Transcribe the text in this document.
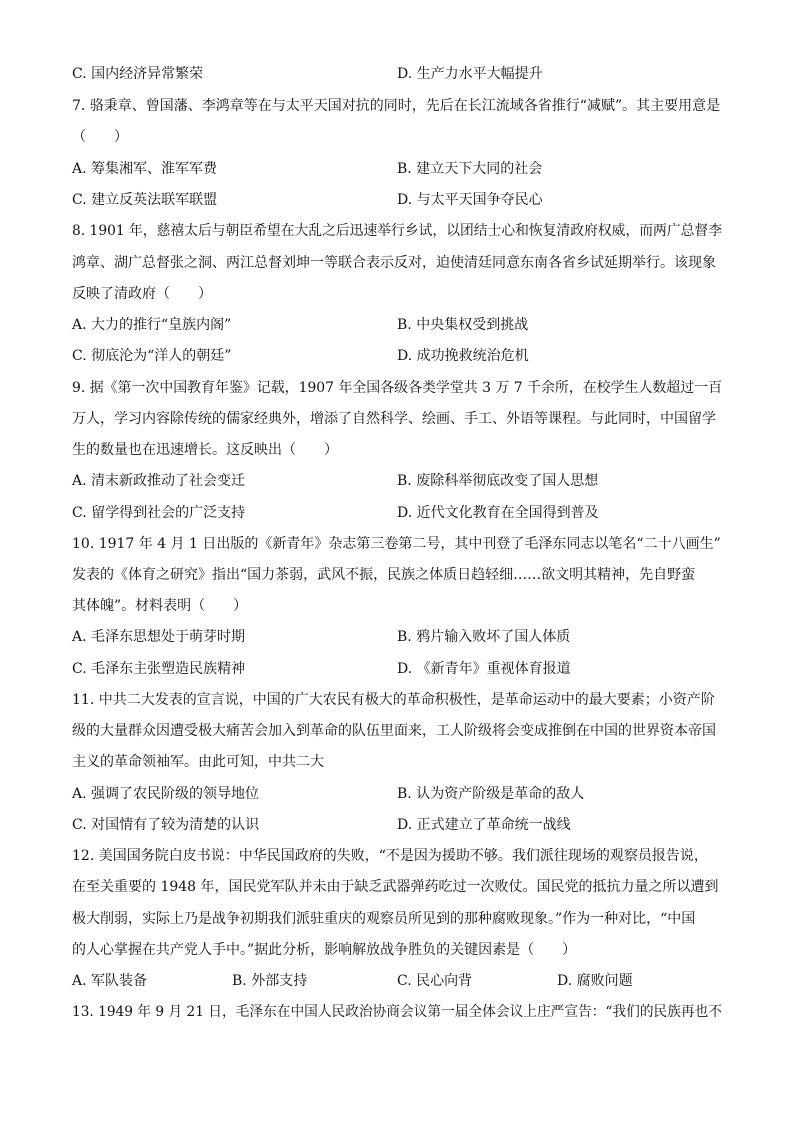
C. 国内经济异常繁荣	D. 生产力水平大幅提升
7. 骆秉章、曾国藩、李鸿章等在与太平天国对抗的同时，先后在长江流域各省推行“减赋”。其主要用意是
（　　）
A. 筹集湘军、淮军军费	B. 建立天下大同的社会
C. 建立反英法联军联盟	D. 与太平天国争夺民心
8. 1901 年，慈禧太后与朝臣希望在大乱之后迅速举行乡试，以团结士心和恢复清政府权威，而两广总督李
鸿章、湖广总督张之洞、两江总督刘坤一等联合表示反对，迫使清廷同意东南各省乡试延期举行。该现象
反映了清政府（　　）
A. 大力的推行“皇族内阁”	B. 中央集权受到挑战
C. 彻底沦为“洋人的朝廷”	D. 成功挽救统治危机
9. 据《第一次中国教育年鉴》记载，1907 年全国各级各类学堂共 3 万 7 千余所，在校学生人数超过一百
万人，学习内容除传统的儒家经典外，增添了自然科学、绘画、手工、外语等课程。与此同时，中国留学
生的数量也在迅速增长。这反映出（　　）
A. 清末新政推动了社会变迁	B. 废除科举彻底改变了国人思想
C. 留学得到社会的广泛支持	D. 近代文化教育在全国得到普及
10. 1917 年 4 月 1 日出版的《新青年》杂志第三卷第二号，其中刊登了毛泽东同志以笔名“二十八画生”
发表的《体育之研究》指出“国力茶弱，武风不振，民族之体质日趋轻细……欲文明其精神，先自野蛮
其体魄”。材料表明（　　）
A. 毛泽东思想处于萌芽时期	B. 鸦片输入败坏了国人体质
C. 毛泽东主张塑造民族精神	D. 《新青年》重视体育报道
11. 中共二大发表的宣言说，中国的广大农民有极大的革命积极性，是革命运动中的最大要素；小资产阶
级的大量群众因遭受极大痛苦会加入到革命的队伍里面来，工人阶级将会变成推倒在中国的世界资本帝国
主义的革命领袖军。由此可知，中共二大
A. 强调了农民阶级的领导地位	B. 认为资产阶级是革命的敌人
C. 对国情有了较为清楚的认识	D. 正式建立了革命统一战线
12. 美国国务院白皮书说：中华民国政府的失败，“不是因为援助不够。我们派往现场的观察员报告说，
在至关重要的 1948 年，国民党军队并未由于缺乏武器弹药吃过一次败仗。国民党的抵抗力量之所以遭到
极大削弱，实际上乃是战争初期我们派驻重庆的观察员所见到的那种腐败现象。”作为一种对比，“中国
的人心掌握在共产党人手中。”据此分析，影响解放战争胜负的关键因素是（　　）
A. 军队装备	B. 外部支持	C. 民心向背	D. 腐败问题
13. 1949 年 9 月 21 日，毛泽东在中国人民政治协商会议第一届全体会议上庄严宣告：“我们的民族再也不
